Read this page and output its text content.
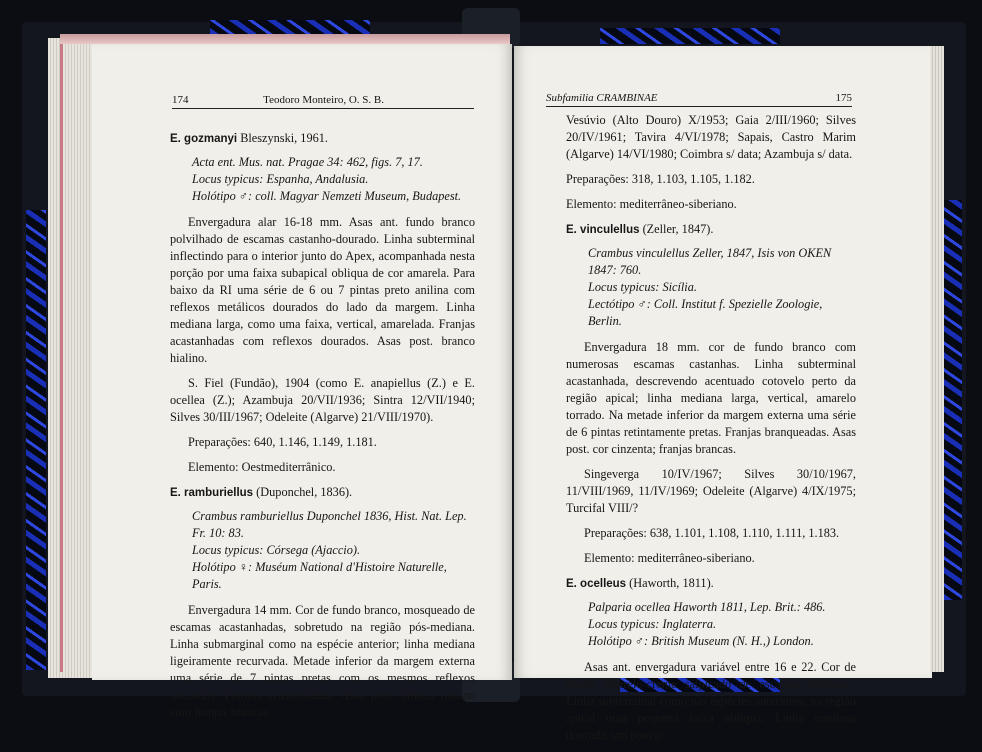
174	Teodoro Monteiro, O. S. B.
E. gozmanyi Bleszynski, 1961.
Acta ent. Mus. nat. Pragae 34: 462, figs. 7, 17.
Locus typicus: Espanha, Andalusia.
Holótipo ♂: coll. Magyar Nemzeti Museum, Budapest.

Envergadura alar 16-18 mm. Asas ant. fundo branco polvilhado de escamas castanho-dourado. Linha subterminal inflectindo para o interior junto do Apex, acompanhada nesta porção por uma faixa subapical obliqua de cor amarela. Para baixo da RI uma série de 6 ou 7 pintas preto anilina com reflexos metálicos dourados do lado da margem. Linha mediana larga, como uma faixa, vertical, amarelada. Franjas acastanhadas com reflexos dourados. Asas post. branco hialino.

S. Fiel (Fundão), 1904 (como E. anapiellus (Z.) e E. ocellea (Z.); Azambuja 20/VII/1936; Sintra 12/VII/1940; Silves 30/III/1967; Odeleite (Algarve) 21/VIII/1970).

Preparações: 640, 1.146, 1.149, 1.181.

Elemento: Oestmediterrânico.

E. ramburiellus (Duponchel, 1836).
Crambus ramburiellus Duponchel 1836, Hist. Nat. Lep. Fr. 10: 83.
Locus typicus: Córsega (Ajaccio).
Holótipo ♀: Muséum National d'Histoire Naturelle, Paris.

Envergadura 14 mm. Cor de fundo branco, mosqueado de escamas acastanhadas, sobretudo na região pós-mediana. Linha submarginal como na espécie anterior; linha mediana ligeiramente recurvada. Metade inferior da margem externa uma série de 7 pintas pretas com os mesmos reflexos dourados. Franjas acastanhadas. Asas post. branco hialino com franjas brancas.

Subfamilia CRAMBINAE	175

Vesúvio (Alto Douro) X/1953; Gaia 2/III/1960; Silves 20/IV/1961; Tavira 4/VI/1978; Sapais, Castro Marim (Algarve) 14/VI/1980; Coimbra s/ data; Azambuja s/ data.

Preparações: 318, 1.103, 1.105, 1.182.

Elemento: mediterrâneo-siberiano.

E. vinculellus (Zeller, 1847).
Crambus vinculellus Zeller, 1847, Isis von OKEN 1847: 760.
Locus typicus: Sicília.
Lectótipo ♂: Coll. Institut f. Spezielle Zoologie, Berlin.

Envergadura 18 mm. cor de fundo branco com numerosas escamas castanhas. Linha subterminal acastanhada, descrevendo acentuado cotovelo perto da região apical; linha mediana larga, vertical, amarelo torrado. Na metade inferior da margem externa uma série de 6 pintas retintamente pretas. Franjas branqueadas. Asas post. cor cinzenta; franjas brancas.

Singeverga 10/IV/1967; Silves 30/10/1967, 11/VIII/1969, 11/IV/1969; Odeleite (Algarve) 4/IX/1975; Turcifal VIII/?

Preparações: 638, 1.101, 1.108, 1.110, 1.111, 1.183.

Elemento: mediterrâneo-siberiano.

E. ocelleus (Haworth, 1811).
Palparia ocellea Haworth 1811, Lep. Brit.: 486.
Locus typicus: Inglaterra.
Holótipo ♂: British Museum (N. H.,) London.

Asas ant. envergadura variável entre 16 e 22. Cor de fundo amarelo-creme salpicado de escamas douradas. Linha subterminal como nas espécies anteriores; na região apical uma pequena faixa obliqua. Linha mediana dourada, um pouco
